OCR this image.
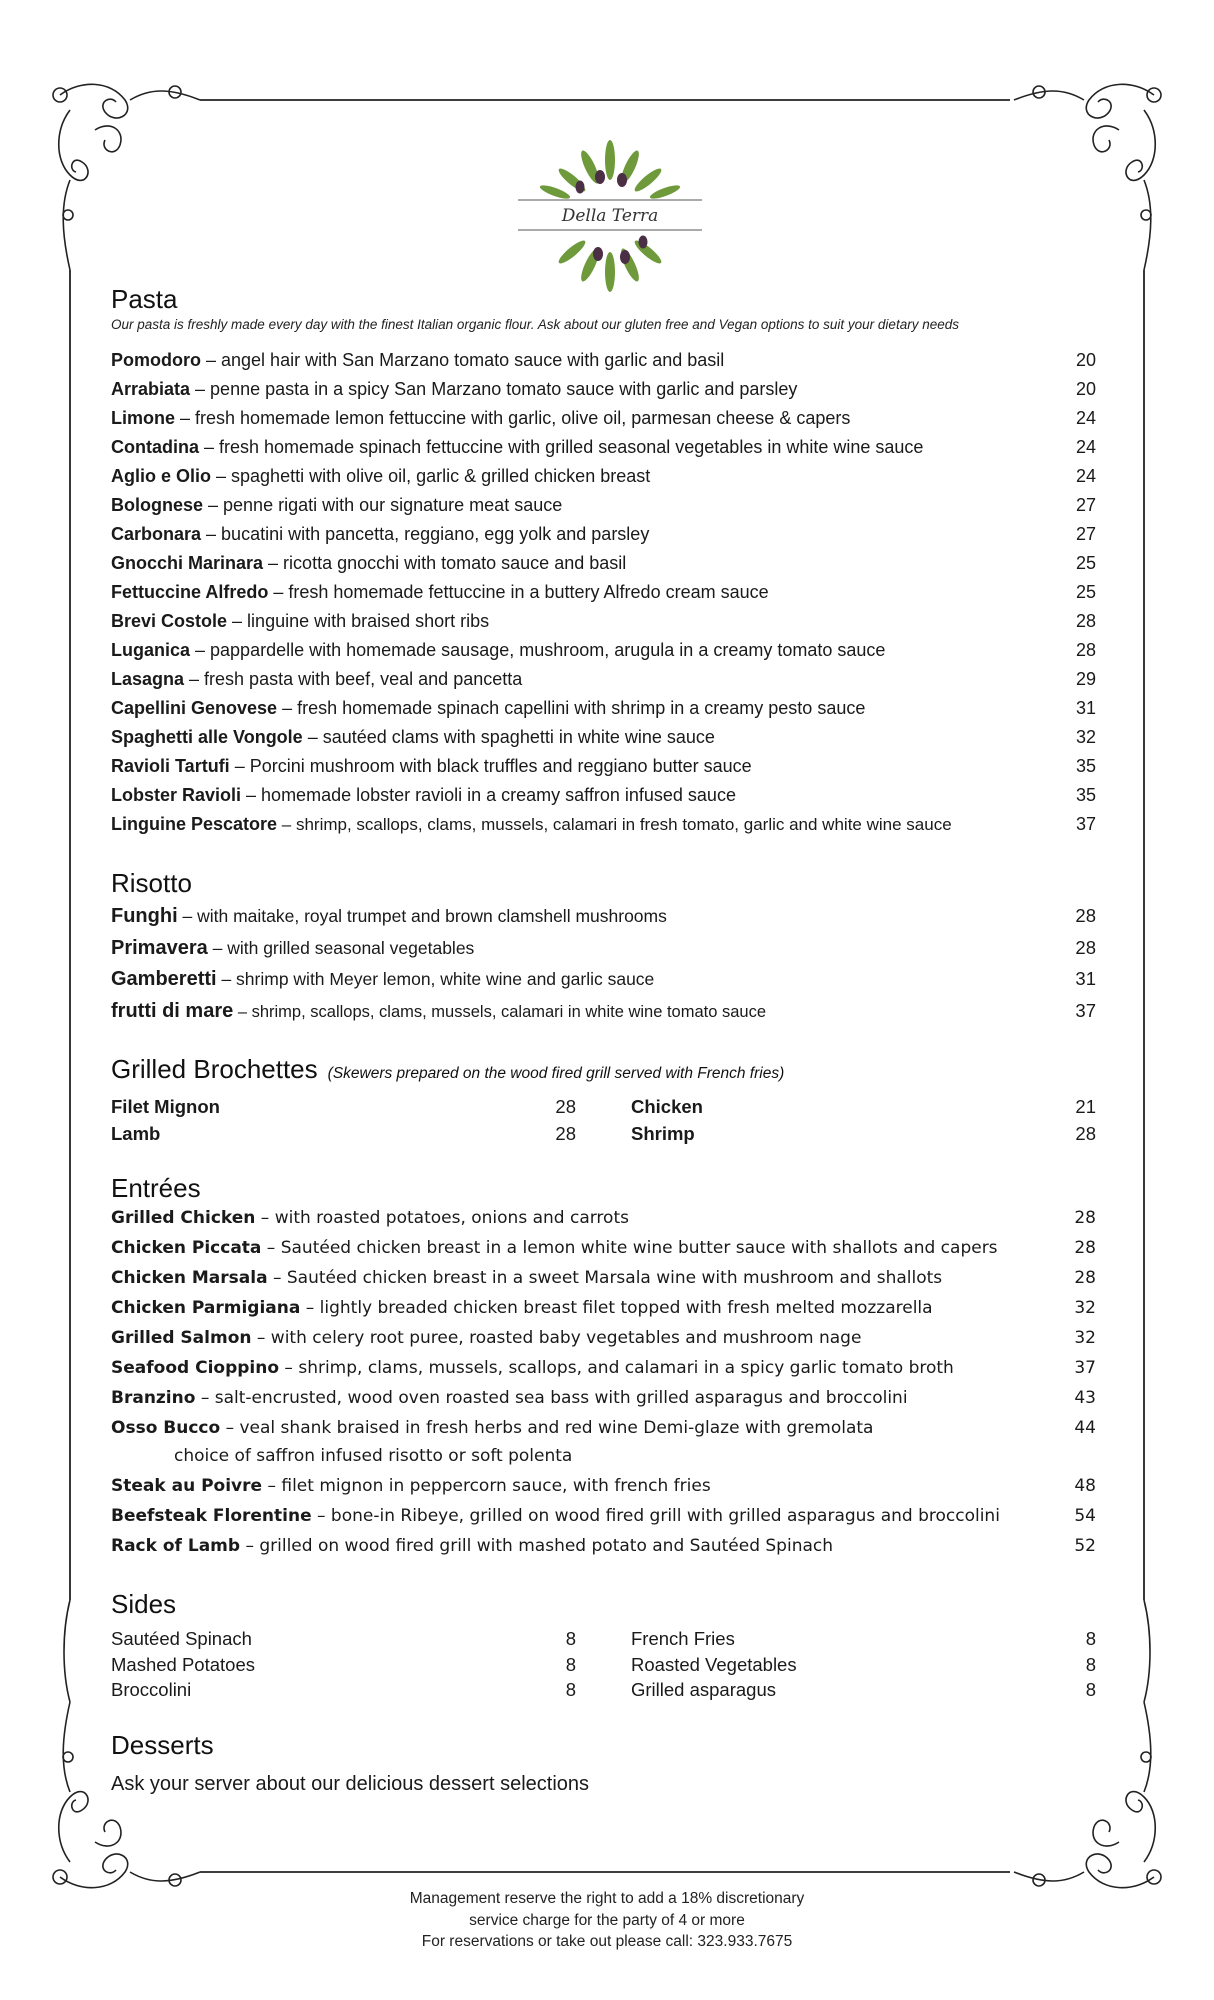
Della Terra
Pasta
Our pasta is freshly made every day with the finest Italian organic flour. Ask about our gluten free and Vegan options to suit your dietary needs
Pomodoro – angel hair with San Marzano tomato sauce with garlic and basil	20
Arrabiata – penne pasta in a spicy San Marzano tomato sauce with garlic and parsley	20
Limone – fresh homemade lemon fettuccine with garlic, olive oil, parmesan cheese & capers	24
Contadina – fresh homemade spinach fettuccine with grilled seasonal vegetables in white wine sauce	24
Aglio e Olio – spaghetti with olive oil, garlic & grilled chicken breast	24
Bolognese – penne rigati with our signature meat sauce	27
Carbonara – bucatini with pancetta, reggiano, egg yolk and parsley	27
Gnocchi Marinara – ricotta gnocchi with tomato sauce and basil	25
Fettuccine Alfredo – fresh homemade fettuccine in a buttery Alfredo cream sauce	25
Brevi Costole – linguine with braised short ribs	28
Luganica – pappardelle with homemade sausage, mushroom, arugula in a creamy tomato sauce	28
Lasagna – fresh pasta with beef, veal and pancetta	29
Capellini Genovese – fresh homemade spinach capellini with shrimp in a creamy pesto sauce	31
Spaghetti alle Vongole – sautéed clams with spaghetti in white wine sauce	32
Ravioli Tartufi – Porcini mushroom with black truffles and reggiano butter sauce	35
Lobster Ravioli – homemade lobster ravioli in a creamy saffron infused sauce	35
Linguine Pescatore – shrimp, scallops, clams, mussels, calamari in fresh tomato, garlic and white wine sauce	37
Risotto
Funghi – with maitake, royal trumpet and brown clamshell mushrooms	28
Primavera – with grilled seasonal vegetables	28
Gamberetti – shrimp with Meyer lemon, white wine and garlic sauce	31
frutti di mare – shrimp, scallops, clams, mussels, calamari in white wine tomato sauce	37
Grilled Brochettes (Skewers prepared on the wood fired grill served with French fries)
Filet Mignon	28
Lamb	28
Chicken	21
Shrimp	28
Entrées
Grilled Chicken – with roasted potatoes, onions and carrots	28
Chicken Piccata – Sautéed chicken breast in a lemon white wine butter sauce with shallots and capers	28
Chicken Marsala – Sautéed chicken breast in a sweet Marsala wine with mushroom and shallots	28
Chicken Parmigiana – lightly breaded chicken breast filet topped with fresh melted mozzarella	32
Grilled Salmon – with celery root puree, roasted baby vegetables and mushroom nage	32
Seafood Cioppino – shrimp, clams, mussels, scallops, and calamari in a spicy garlic tomato broth	37
Branzino – salt-encrusted, wood oven roasted sea bass with grilled asparagus and broccolini	43
Osso Bucco – veal shank braised in fresh herbs and red wine Demi-glaze with gremolata	44
choice of saffron infused risotto or soft polenta
Steak au Poivre – filet mignon in peppercorn sauce, with french fries	48
Beefsteak Florentine – bone-in Ribeye, grilled on wood fired grill with grilled asparagus and broccolini	54
Rack of Lamb – grilled on wood fired grill with mashed potato and Sautéed Spinach	52
Sides
Sautéed Spinach	8
Mashed Potatoes	8
Broccolini	8
French Fries	8
Roasted Vegetables	8
Grilled asparagus	8
Desserts
Ask your server about our delicious dessert selections
Management reserve the right to add a 18% discretionary
service charge for the party of 4 or more
For reservations or take out please call: 323.933.7675
